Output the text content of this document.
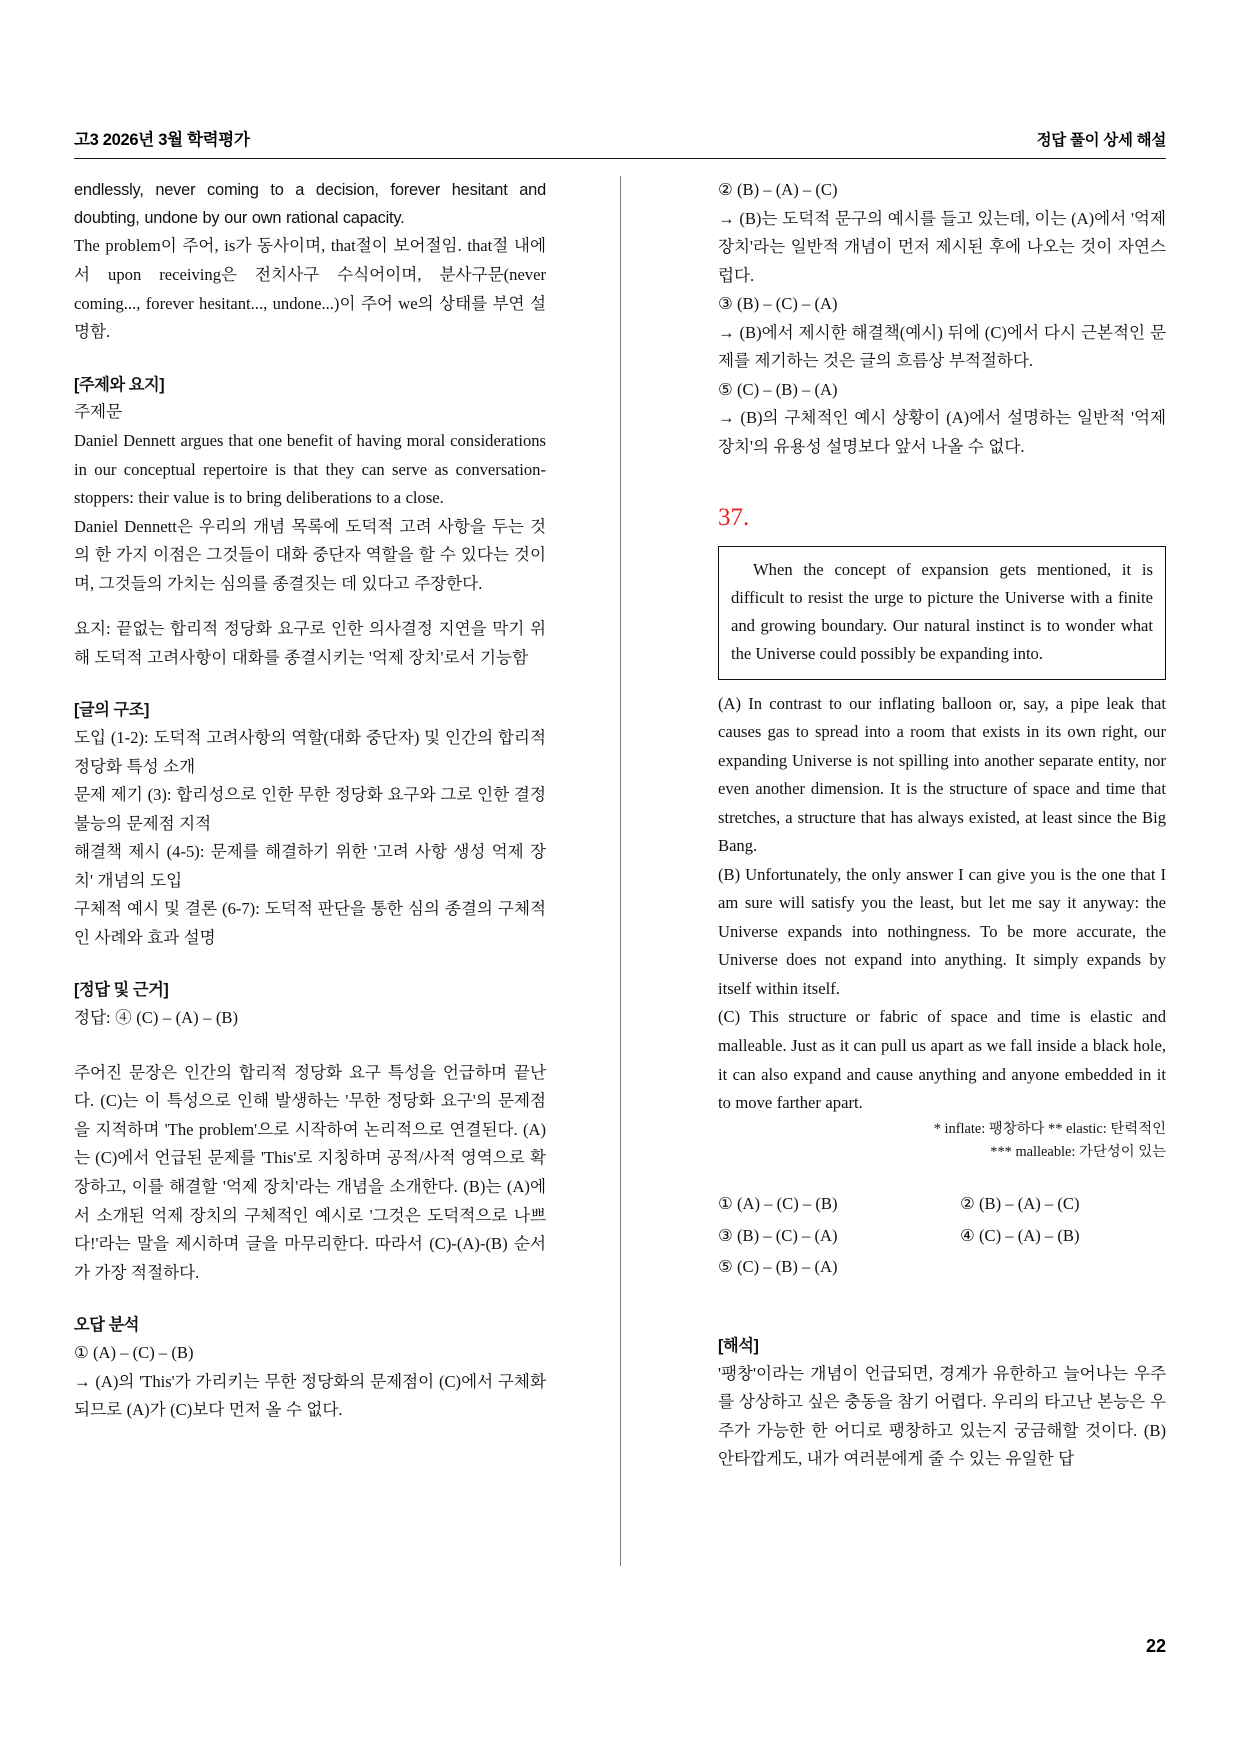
고3 2026년 3월 학력평가	정답 풀이 상세 해설

endlessly, never coming to a decision, forever hesitant and doubting, undone by our own rational capacity.

The problem이 주어, is가 동사이며, that절이 보어절임. that절 내에서 upon receiving은 전치사구 수식어이며, 분사구문(never coming..., forever hesitant..., undone...)이 주어 we의 상태를 부연 설명함.

[주제와 요지]

주제문

Daniel Dennett argues that one benefit of having moral considerations in our conceptual repertoire is that they can serve as conversation-stoppers: their value is to bring deliberations to a close.

Daniel Dennett은 우리의 개념 목록에 도덕적 고려 사항을 두는 것의 한 가지 이점은 그것들이 대화 중단자 역할을 할 수 있다는 것이며, 그것들의 가치는 심의를 종결짓는 데 있다고 주장한다.

요지: 끝없는 합리적 정당화 요구로 인한 의사결정 지연을 막기 위해 도덕적 고려사항이 대화를 종결시키는 '억제 장치'로서 기능함

[글의 구조]

도입 (1-2): 도덕적 고려사항의 역할(대화 중단자) 및 인간의 합리적 정당화 특성 소개

문제 제기 (3): 합리성으로 인한 무한 정당화 요구와 그로 인한 결정 불능의 문제점 지적

해결책 제시 (4-5): 문제를 해결하기 위한 '고려 사항 생성 억제 장치' 개념의 도입

구체적 예시 및 결론 (6-7): 도덕적 판단을 통한 심의 종결의 구체적인 사례와 효과 설명

[정답 및 근거]

정답: ④ (C) – (A) – (B)

주어진 문장은 인간의 합리적 정당화 요구 특성을 언급하며 끝난다. (C)는 이 특성으로 인해 발생하는 '무한 정당화 요구'의 문제점을 지적하며 'The problem'으로 시작하여 논리적으로 연결된다. (A)는 (C)에서 언급된 문제를 'This'로 지칭하며 공적/사적 영역으로 확장하고, 이를 해결할 '억제 장치'라는 개념을 소개한다. (B)는 (A)에서 소개된 억제 장치의 구체적인 예시로 '그것은 도덕적으로 나쁘다!'라는 말을 제시하며 글을 마무리한다. 따라서 (C)-(A)-(B) 순서가 가장 적절하다.

오답 분석

① (A) – (C) – (B)

→ (A)의 'This'가 가리키는 무한 정당화의 문제점이 (C)에서 구체화되므로 (A)가 (C)보다 먼저 올 수 없다.

② (B) – (A) – (C)

→ (B)는 도덕적 문구의 예시를 들고 있는데, 이는 (A)에서 '억제 장치'라는 일반적 개념이 먼저 제시된 후에 나오는 것이 자연스럽다.

③ (B) – (C) – (A)

→ (B)에서 제시한 해결책(예시) 뒤에 (C)에서 다시 근본적인 문제를 제기하는 것은 글의 흐름상 부적절하다.

⑤ (C) – (B) – (A)

→ (B)의 구체적인 예시 상황이 (A)에서 설명하는 일반적 '억제 장치'의 유용성 설명보다 앞서 나올 수 없다.

37.

When the concept of expansion gets mentioned, it is difficult to resist the urge to picture the Universe with a finite and growing boundary. Our natural instinct is to wonder what the Universe could possibly be expanding into.

(A) In contrast to our inflating balloon or, say, a pipe leak that causes gas to spread into a room that exists in its own right, our expanding Universe is not spilling into another separate entity, nor even another dimension. It is the structure of space and time that stretches, a structure that has always existed, at least since the Big Bang.

(B) Unfortunately, the only answer I can give you is the one that I am sure will satisfy you the least, but let me say it anyway: the Universe expands into nothingness. To be more accurate, the Universe does not expand into anything. It simply expands by itself within itself.

(C) This structure or fabric of space and time is elastic and malleable. Just as it can pull us apart as we fall inside a black hole, it can also expand and cause anything and anyone embedded in it to move farther apart.

* inflate: 팽창하다 ** elastic: 탄력적인

*** malleable: 가단성이 있는

① (A) – (C) – (B)	② (B) – (A) – (C)
③ (B) – (C) – (A)	④ (C) – (A) – (B)
⑤ (C) – (B) – (A)

[해석]

'팽창'이라는 개념이 언급되면, 경계가 유한하고 늘어나는 우주를 상상하고 싶은 충동을 참기 어렵다. 우리의 타고난 본능은 우주가 가능한 한 어디로 팽창하고 있는지 궁금해할 것이다. (B) 안타깝게도, 내가 여러분에게 줄 수 있는 유일한 답

22
